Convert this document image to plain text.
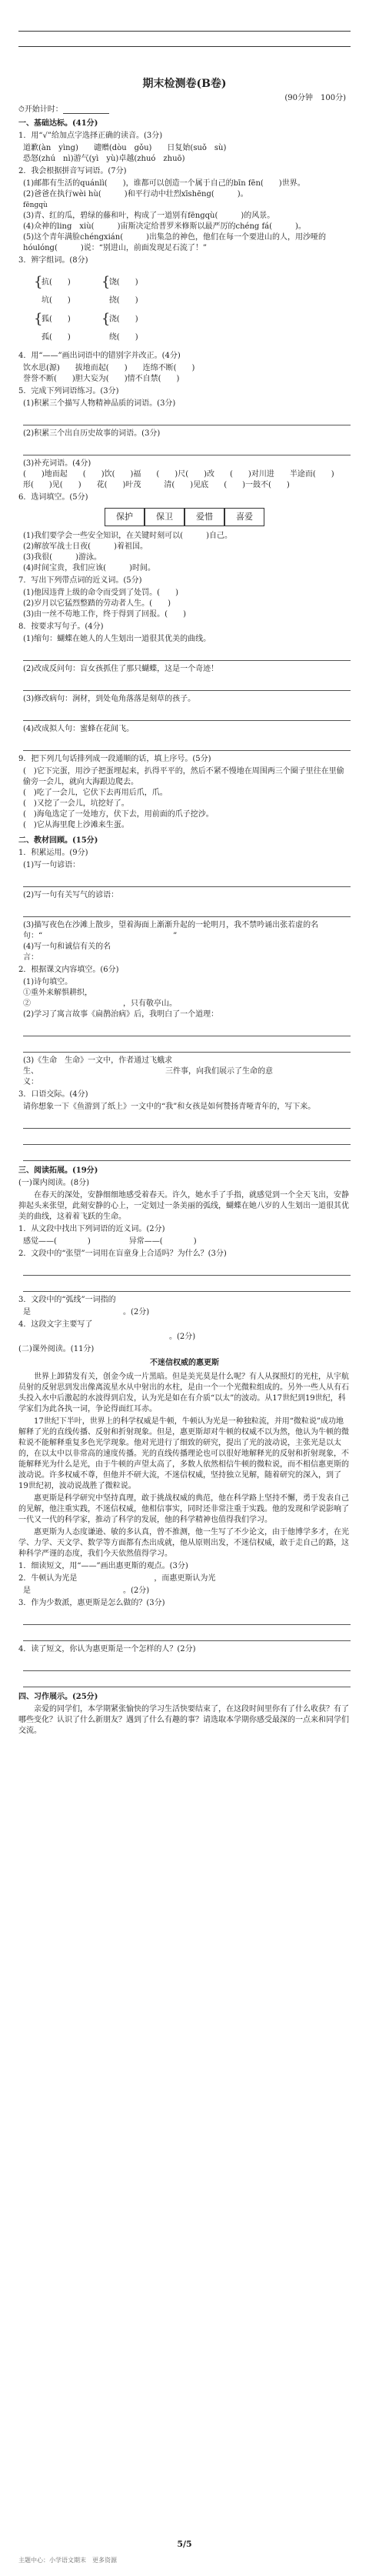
期末检测卷(B卷)
(90分钟　100分)
⏱开始计时：
一、基础达标。(41分)
1．用“√”给加点字选择正确的读音。(3分)
道歉(àn　yìng)　　谴赠(dòu　gǒu)　　日复始(suǒ　sù)
恐怒(zhú　nì)游气(yì　yù)卓越(zhuó　zhuō)
2．我会根据拼音写词语。(7分)
(1)邮都有生活的quánlì(　　)，谁都可以创造一个属于自己的bīn fēn(　　)世界。
(2)爸爸在执行wèi hù(　　　)和平行动中壮烈xīshēng(　　　)。
fēngqù
(3)青、红的瓜，碧绿的藤和叶，构成了一道别有fēngqù(　　　)的风景。
(4)众神的ling　xiù(　　　)宙斯决定给普罗米修斯以最严厉的chéng fá(　　　)。
(5)这个青年满脸chéngxián(　　　)出集急的神色，他们在每一个要进山的人，用沙哑的hóulóng(　　　)说：“别进山，前面发现足石流了！”
3．辨字组词。(8分)
{抗(　　)
坑(　　)
{狐(　　)
孤(　　)
{饶(　　)
挠(　　)
{浇(　　)
绕(　　)
4．用“——”画出词语中的错别字并改正。(4分)
饮水思(源)　　拔地而起(　　)　　连绵不断(　　)
誉誉不断(　　)胆大妄为(　　)情不自禁(　　)
5．完成下列词语练习。(3分)
(1)积累三个描写人物精神品质的词语。(3分)
(2)积累三个出自历史故事的词语。(3分)
(3)补充词语。(4分)
(　　)地而起　　(　　)饮(　　)福　　(　　)尺(　　)改　　(　　)对川进　　半途而(　　)
形(　　)见(　　)　　花(　　)叶茂　　　清(　　)见底　　(　　)一鼓不(　　)
6．选词填空。(5分)
保护	保卫	爱惜	喜爱
(1)我们要学会一些安全知识，在关键时刻可以(　　　)自己。
(2)解放军战士日夜(　　　)着祖国。
(3)我很(　　　)游泳。
(4)时间宝贵，我们应该(　　　)时间。
7．写出下列带点词的近义词。(5分)
(1)他因违背上级的命令而受到了处罚。(　　)
(2)岁月以它猛烈整踏的劳动者人生。(　　)
(3)由一丝不苟地工作，终于得到了回报。(　　)
8．按要求写句子。(4分)
(1)缩句：蝴蝶在她人的人生划出一道很其优美的曲线。
(2)改成反问句：盲女孩抓住了那只蝴蝶，这是一个奇迹！
(3)修改病句：涧材，到处龟角落落是刻草的孩子。
(4)改成拟人句：蜜蜂在花间飞。
9．把下列几句话排列成一段通顺的话，填上序号。(5分)
(　)它下完蛋，用沙子把蛋埋起来，扒得平平的，然后不紧不慢地在周围两三个圈子里往在里偷偷旁一会儿，就向大海跟边爬去。
(　)吃了一会儿，它伏下去再用后爪，爪。
(　)又挖了一会儿，坑挖好了。
(　)海龟选定了一处地方，伏下去，用前面的爪子挖沙。
(　)它从海里爬上沙滩来生蛋。
二、教材回顾。(15分)
1．积累运用。(9分)
(1)写一句谚语：
(2)写一句有关写气的谚语：
(3)描写夜色在沙滩上散步，望着海面上渐渐升起的一轮明月，我不禁吟诵出张若虚的名
句：“　　　　　　　　　　　　　　　　　”
(4)写一句和诚信有关的名
言：　　　　　　　　　　　　　　
2．根据课文内容填空。(6分)
(1)诗句填空。
①重外来解惧耕织，　　　　　　　　　　　　　　
②　　　　　　　　　　　　，只有敬亭山。
(2)学习了寓言故事《扁鹊治病》后，我明白了一个道理：
(3)《生命　生命》一文中，作者通过飞蛾求
生、　　　　　　　　　　　　　　　　　三件事，向我们展示了生命的意
义：　　　　　　　　　　　　　　　　　　　　　　
3．口语交际。(4分)
请你想象一下《鱼游到了纸上》一文中的“我”和女孩是如何赞扬青哑青年的，写下来。
三、阅读拓展。(19分)
(一)课内阅读。(8分)
在春天的深处，安静细细地感受着春天。许久，她水手了手指，就感觉到一个全天飞出，安静抑起头来张望，此刻安静的心上，一定划过一条美丽的弧线，蝴蝶在她八岁的人生划出一道很其优美的曲线，这着着飞跃的生命。
1．从文段中找出下列词语的近义词。(2分)
感觉——(　　　　)　　　　　异常——(　　　　)
2．文段中的“张望”一词用在盲童身上合适吗？为什么？(3分)
3．文段中的“弧线”一词指的
是　　　　　　　　　　　　。(2分)
4．这段文字主要写了
　　　　　　　　　　　　　　　　　　　。(2分)
(二)课外阅读。(11分)
不迷信权威的惠更斯
世界上卸猜发有关，创金今成一片黑暗。但是美光莫是什么呢？有人从探照灯的光柱，从宇航员射的反射思到发出像离流星水从中射出的水柱，是由一个一个光微粒组成的。另外一些人从有石头投入水中后激起的水波得到启发，认为光是如在有介质“以太”的波动。从17世纪到19世纪，科学家们为此各执一词，争论得面红耳赤。
17世纪下半叶，世界上的科学权威是牛顿，牛顿认为光是一种独粒流，并用“微粒说”成功地解释了光的直线传播、反射和折射现象。但是，惠更斯却对牛顿的权威不以为然，他认为牛顿的微粒说不能解释重复多色光学现象。他对光进行了细致的研究，提出了光的波动说，主张光是以太的，在以太中以非常高的速度传播。光的直线传播理论也可以很好地解释光的反射和折射现象，不能解释光为什么是光，由于牛顿的声望太高了，多数人依然相信牛顿的微粒说，而不相信惠更斯的波动说。许多权威不尊，但他并不研大流，不迷信权威，坚持独立见解，随着研究的深入，到了19世纪初，波动说战胜了微粒说。
惠更斯是科学研究中坚持真理，敢于挑战权威的典范，他在科学路上坚持不懈，勇于发表自己的见解，他注重实践，不迷信权威，他相信事实，同时还非常注重于实践。他的发现和学说影响了一代又一代的科学家，推动了科学的发展，他的科学精神也值得我们学习。
惠更斯为人态度谦逊、敏的多认真，曾不推测，他一生写了不少论文，由于他博学多才，在光学、力学、天文学、数学等方面都有杰出成就，他从原则出发，不迷信权威，敢于走自己的路，这种科学严谨的态度，我们今天依然值得学习。
1．细读短文，用“——”画出惠更斯的观点。(3分)
2．牛顿认为光是　　　　　　　　　　，而惠更斯认为光
是　　　　　　　　　　　　。(2分)
3．作为少数派，惠更斯是怎么做的？(3分)
4．读了短文，你认为惠更斯是一个怎样的人？(2分)
四、习作展示。(25分)
亲爱的同学们，本学期紧张愉快的学习生活快要结束了，在这段时间里你有了什么收获？有了哪些变化？认识了什么新朋友？遇到了什么有趣的事？请选取本学期你感受最深的一点来和同学们交流。
5/5
主题中心：小学语文期末　更多资源
